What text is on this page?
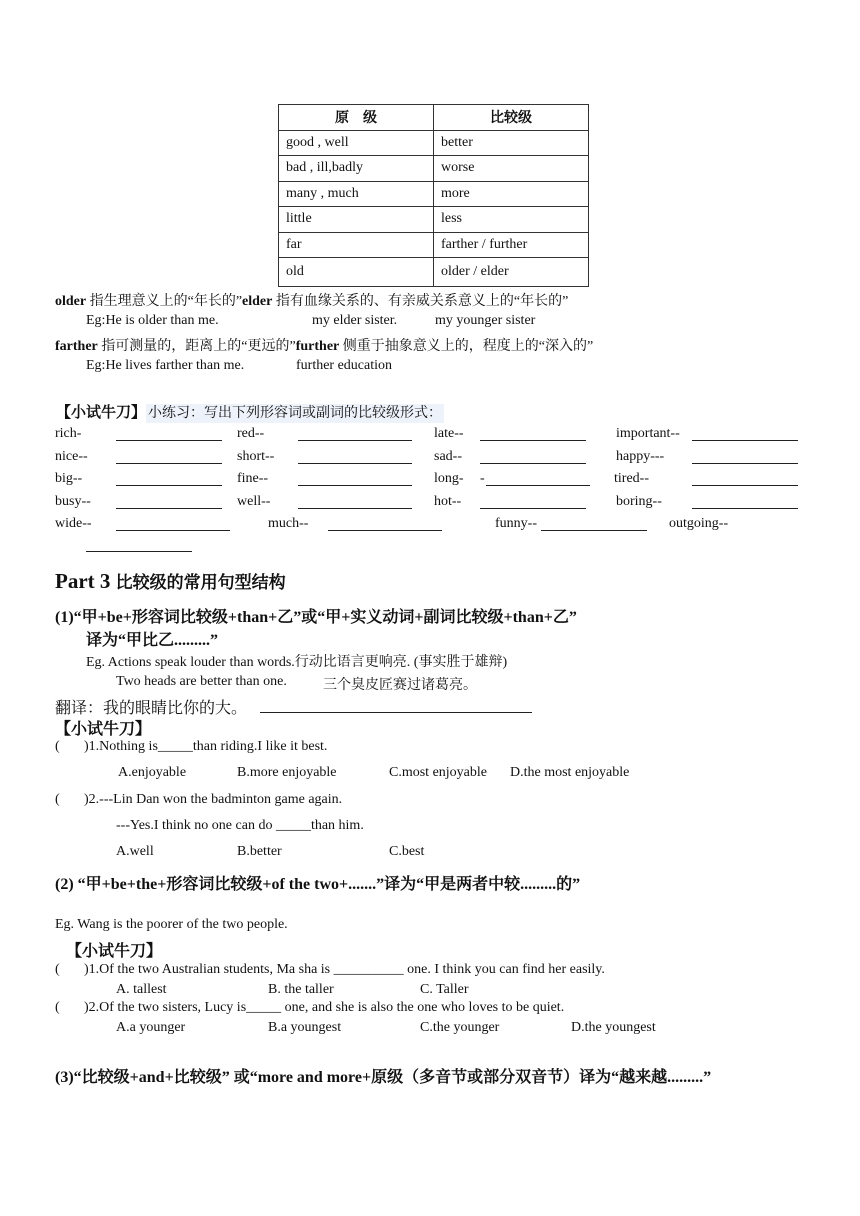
原　级	比较级
good , well	better
bad , ill,badly	worse
many , much	more
little	less
far	farther / further
old	older / elder
older 指生理意义上的“年长的”elder 指有血缘关系的、有亲威关系意义上的“年长的”
Eg:He is older than me.	my elder sister.	my younger sister
farther 指可测量的，距离上的“更远的”further 侧重于抽象意义上的，程度上的“深入的”
Eg:He lives farther than me.	further education
【小试牛刀】 小练习：写出下列形容词或副词的比较级形式：
rich-	red--	late--	important--
nice--	short--	sad--	happy---
big--	fine--	long- -	tired--
busy--	well--	hot--	boring--
wide--	much--	funny--	outgoing--
Part 3 比较级的常用句型结构
(1)“甲+be+形容词比较级+than+乙”或“甲+实义动词+副词比较级+than+乙”
译为“甲比乙.........”
Eg. Actions speak louder than words.行动比语言更响亮. (事实胜于雄辩)
Two heads are better than one.	三个臭皮匠赛过诸葛亮。
翻译：我的眼睛比你的大。
【小试牛刀】
( )1.Nothing is_____than riding.I like it best.
A.enjoyable	B.more enjoyable	C.most enjoyable D.the most enjoyable
( )2.---Lin Dan won the badminton game again.
---Yes.I think no one can do _____than him.
A.well	B.better	C.best
(2) “甲+be+the+形容词比较级+of the two+.......”译为“甲是两者中较.........的”
Eg. Wang is the poorer of the two people.
【小试牛刀】
( )1.Of the two Australian students, Ma sha is __________ one. I think you can find her easily.
A. tallest	B. the taller	C. Taller
( )2.Of the two sisters, Lucy is_____ one, and she is also the one who loves to be quiet.
A.a younger	B.a youngest	C.the younger	D.the youngest
(3)“比较级+and+比较级” 或“more and more+原级（多音节或部分双音节）译为“越来越.........”
